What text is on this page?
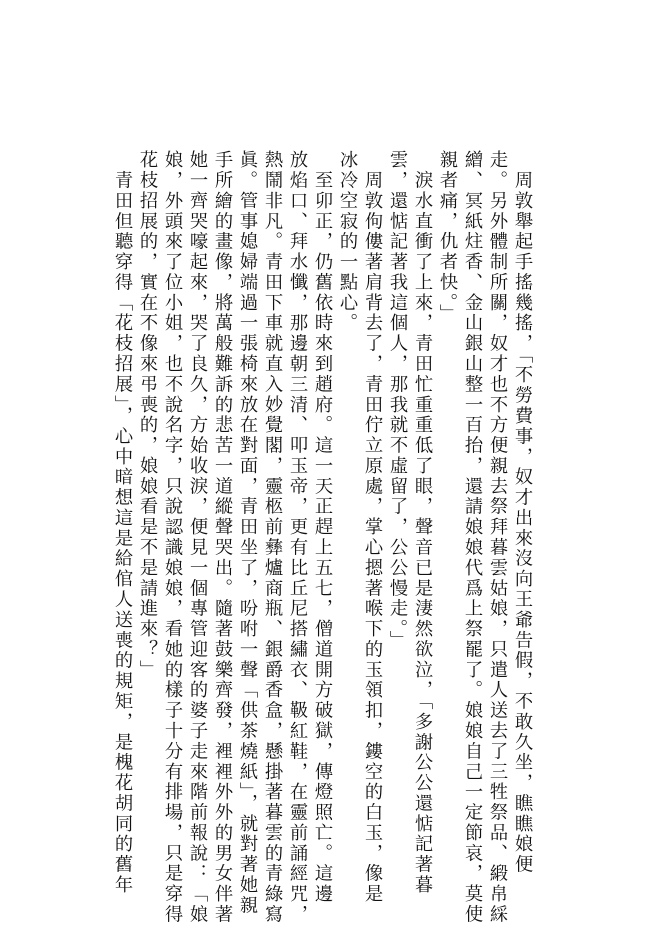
　周敦舉起手搖幾搖，「不勞費事，奴才出來沒向王爺告假，不敢久坐，瞧瞧娘便
走。另外體制所關，奴才也不方便親去祭拜暮雲姑娘，只遣人送去了三牲祭品、緞帛綵
繒、冥紙炷香、金山銀山整一百抬，還請娘娘代爲上祭罷了。娘娘自己一定節哀，莫使
親者痛，仇者快。」
　淚水直衝了上來，青田忙重重低了眼，聲音已是淒然欲泣，「多謝公公還惦記著暮
雲，還惦記著我這個人，那我就不虛留了，公公慢走。」
　周敦佝僂著肩背去了，青田佇立原處，掌心摁著喉下的玉領扣，鏤空的白玉，像是
冰冷空寂的一點心。
　至卯正，仍舊依時來到趙府。這一天正趕上五七，僧道開方破獄，傳燈照亡。這邊
放焰口、拜水懺，那邊朝三清、叩玉帝，更有比丘尼搭繡衣、靸紅鞋，在靈前誦經咒，
熱鬧非凡。青田下車就直入妙覺閣，靈柩前彝爐商瓶、銀爵香盒，懸掛著暮雲的青綠寫
眞。管事媳婦端過一張椅來放在對面，青田坐了，吩咐一聲「供茶燒紙」，就對著她親
手所繪的畫像，將萬般難訴的悲苦一道縱聲哭出。隨著鼓樂齊發，裡裡外外的男女伴著
她一齊哭嚎起來，哭了良久，方始收淚，便見一個專管迎客的婆子走來階前報說：「娘
娘，外頭來了位小姐，也不說名字，只說認識娘娘，看她的樣子十分有排場，只是穿得
花枝招展的，實在不像來弔喪的，娘娘看是不是請進來？」
　青田但聽穿得「花枝招展」，心中暗想這是給倌人送喪的規矩，是槐花胡同的舊年
